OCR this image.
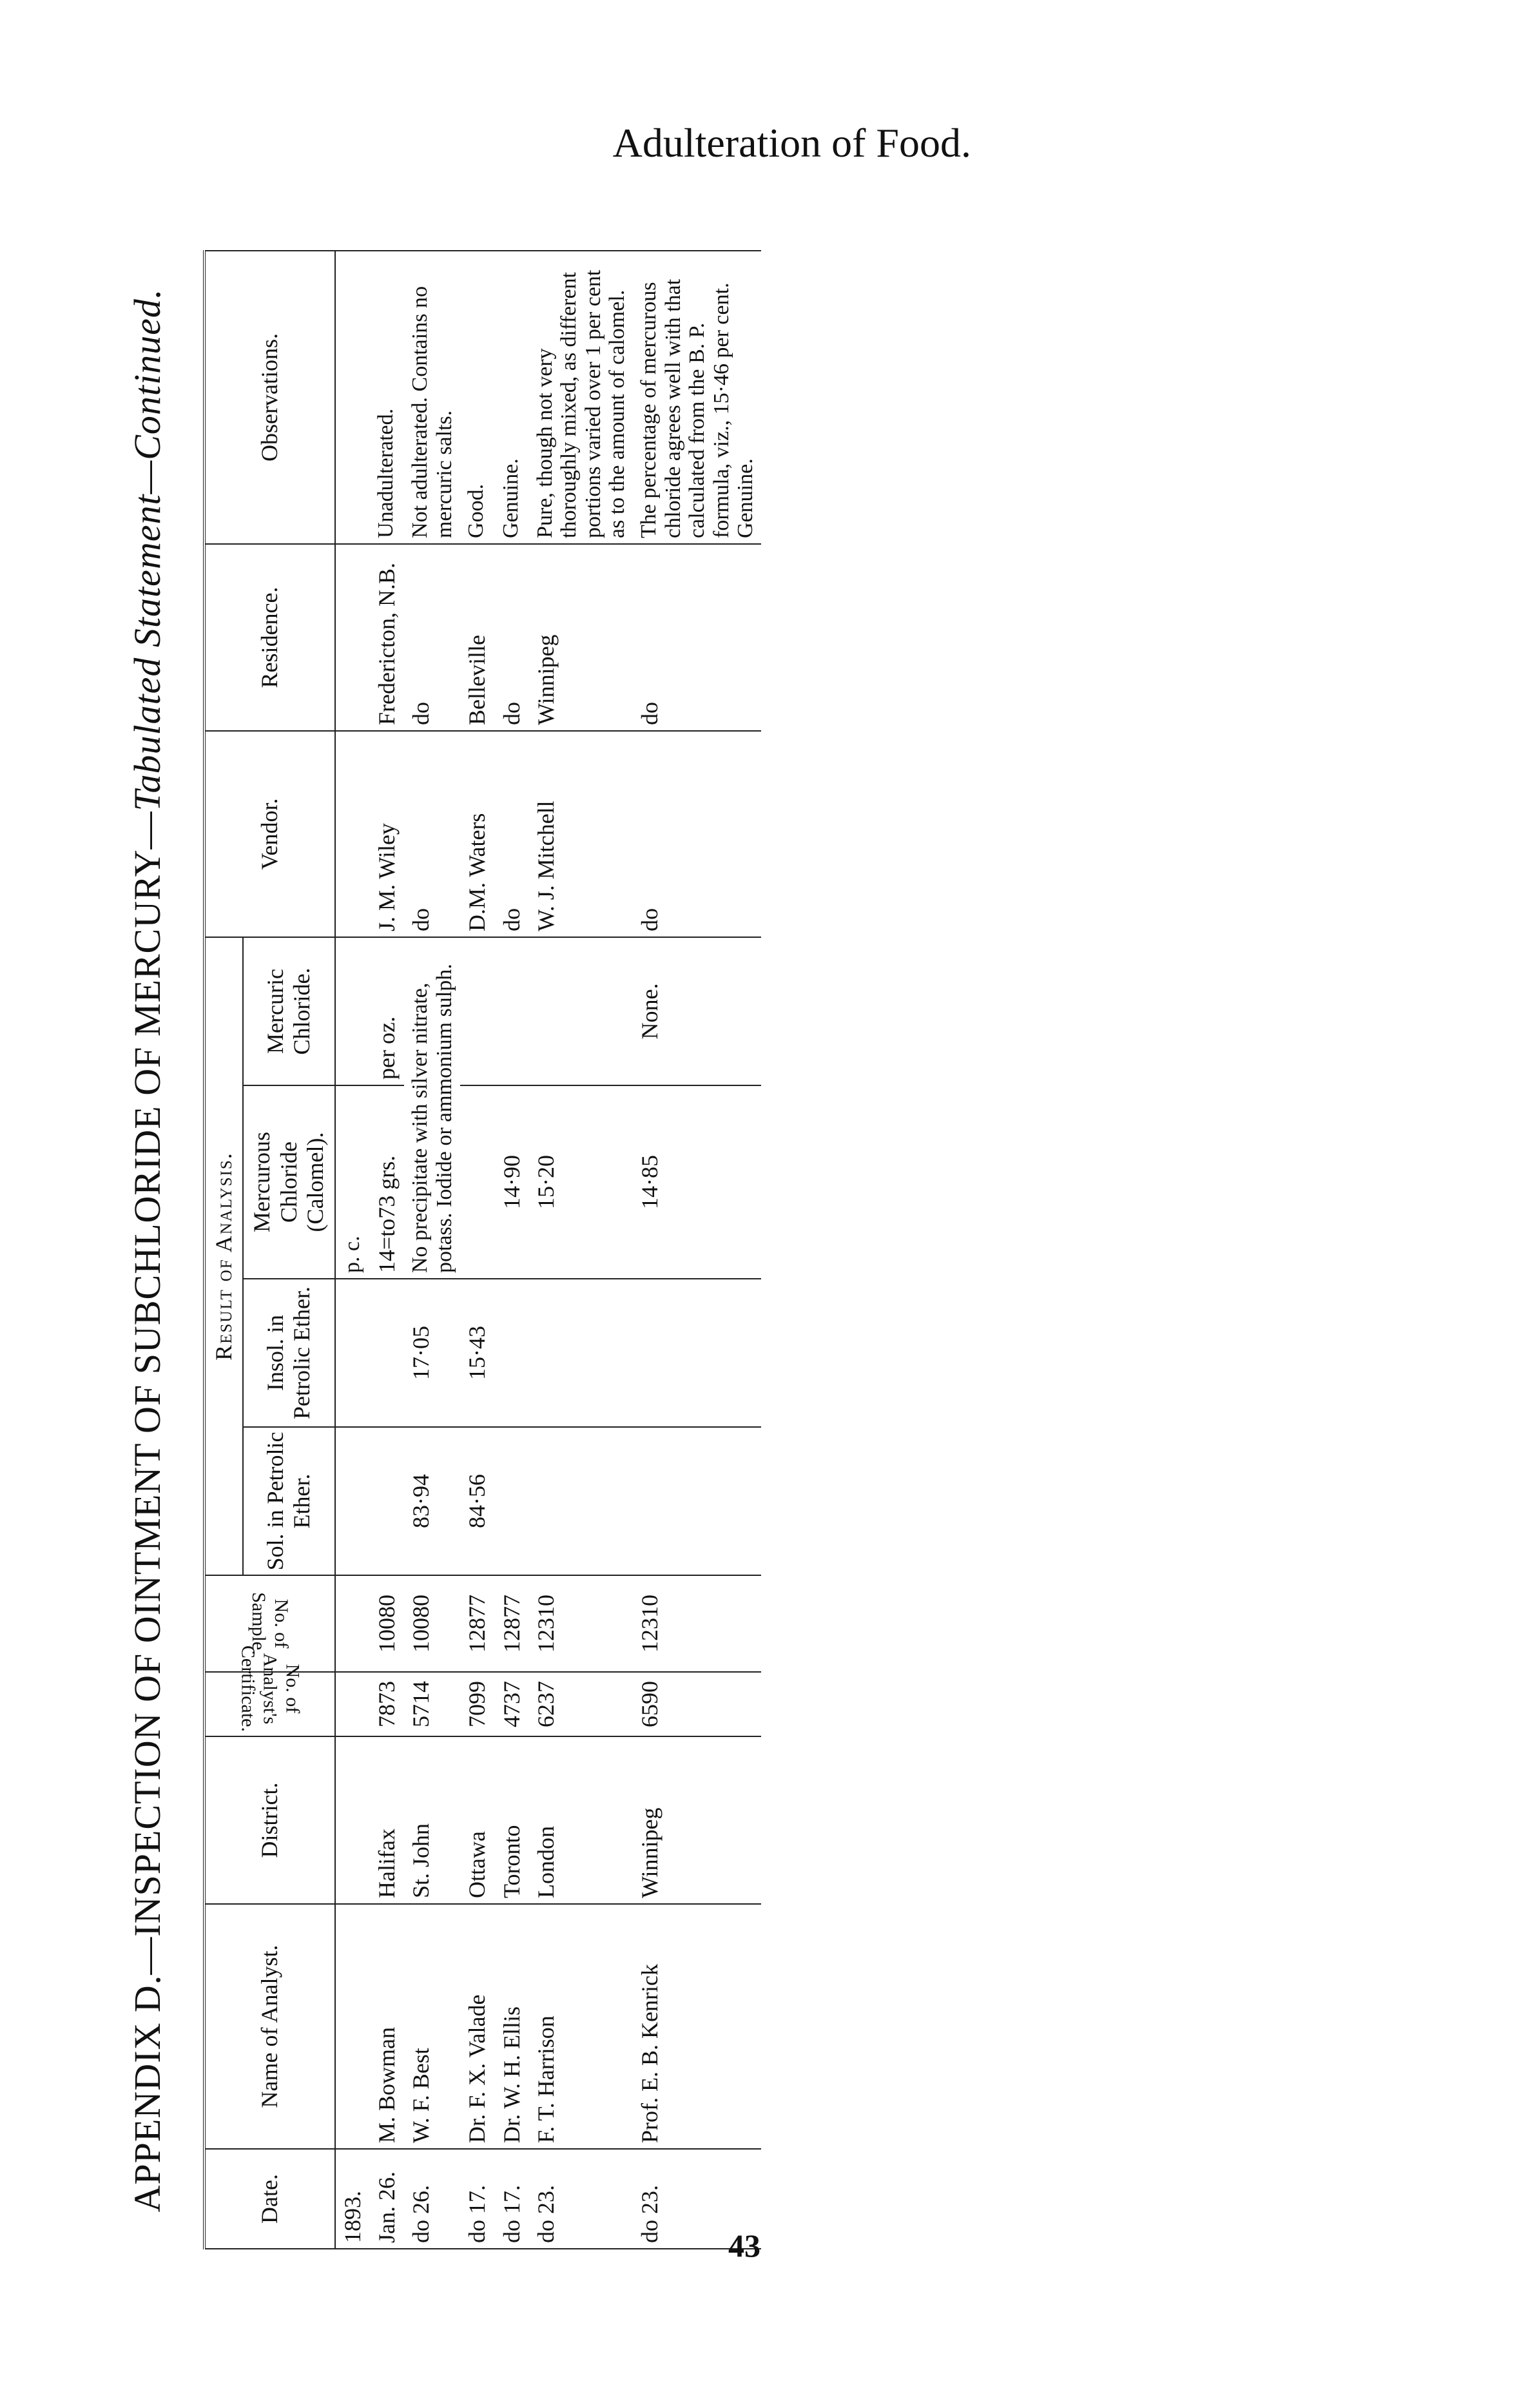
Adulteration of Food.
APPENDIX D.—INSPECTION OF OINTMENT OF SUBCHLORIDE OF MERCURY—Tabulated Statement—Continued.
Date.	Name of Analyst.	District.	No. of Analyst's Certificate.	No. of Sample.	Result of Analysis.				Vendor.	Residence.	Observations.
					Sol. in Petrolic Ether.	Insol. in Petrolic Ether.	Mercurous Chloride (Calomel).	Mercuric Chloride.			
1893.							p. c.				
Jan. 26.	M. Bowman	Halifax	7873	10080			14=to73 grs.	per oz.	J. M. Wiley	Fredericton, N.B.	Unadulterated.
do 26.	W. F. Best	St. John	5714	10080	83·94	17·05	No precipitate with silver nitrate, potass. Iodide or ammonium sulph.		do	do	Not adulterated. Contains no mercuric salts.
do 17.	Dr. F. X. Valade	Ottawa	7099	12877	84·56	15·43			D.M. Waters	Belleville	Good.
do 17.	Dr. W. H. Ellis	Toronto	4737	12877			14·90		do	do	Genuine.
do 23.	F. T. Harrison	London	6237	12310			15·20		W. J. Mitchell	Winnipeg	Pure, though not very thoroughly mixed, as different portions varied over 1 per cent as to the amount of calomel.
do 23.	Prof. E. B. Kenrick	Winnipeg	6590	12310			14·85	None.	do	do	The percentage of mercurous chloride agrees well with that calculated from the B. P. formula, viz., 15·46 per cent. Genuine.
43
